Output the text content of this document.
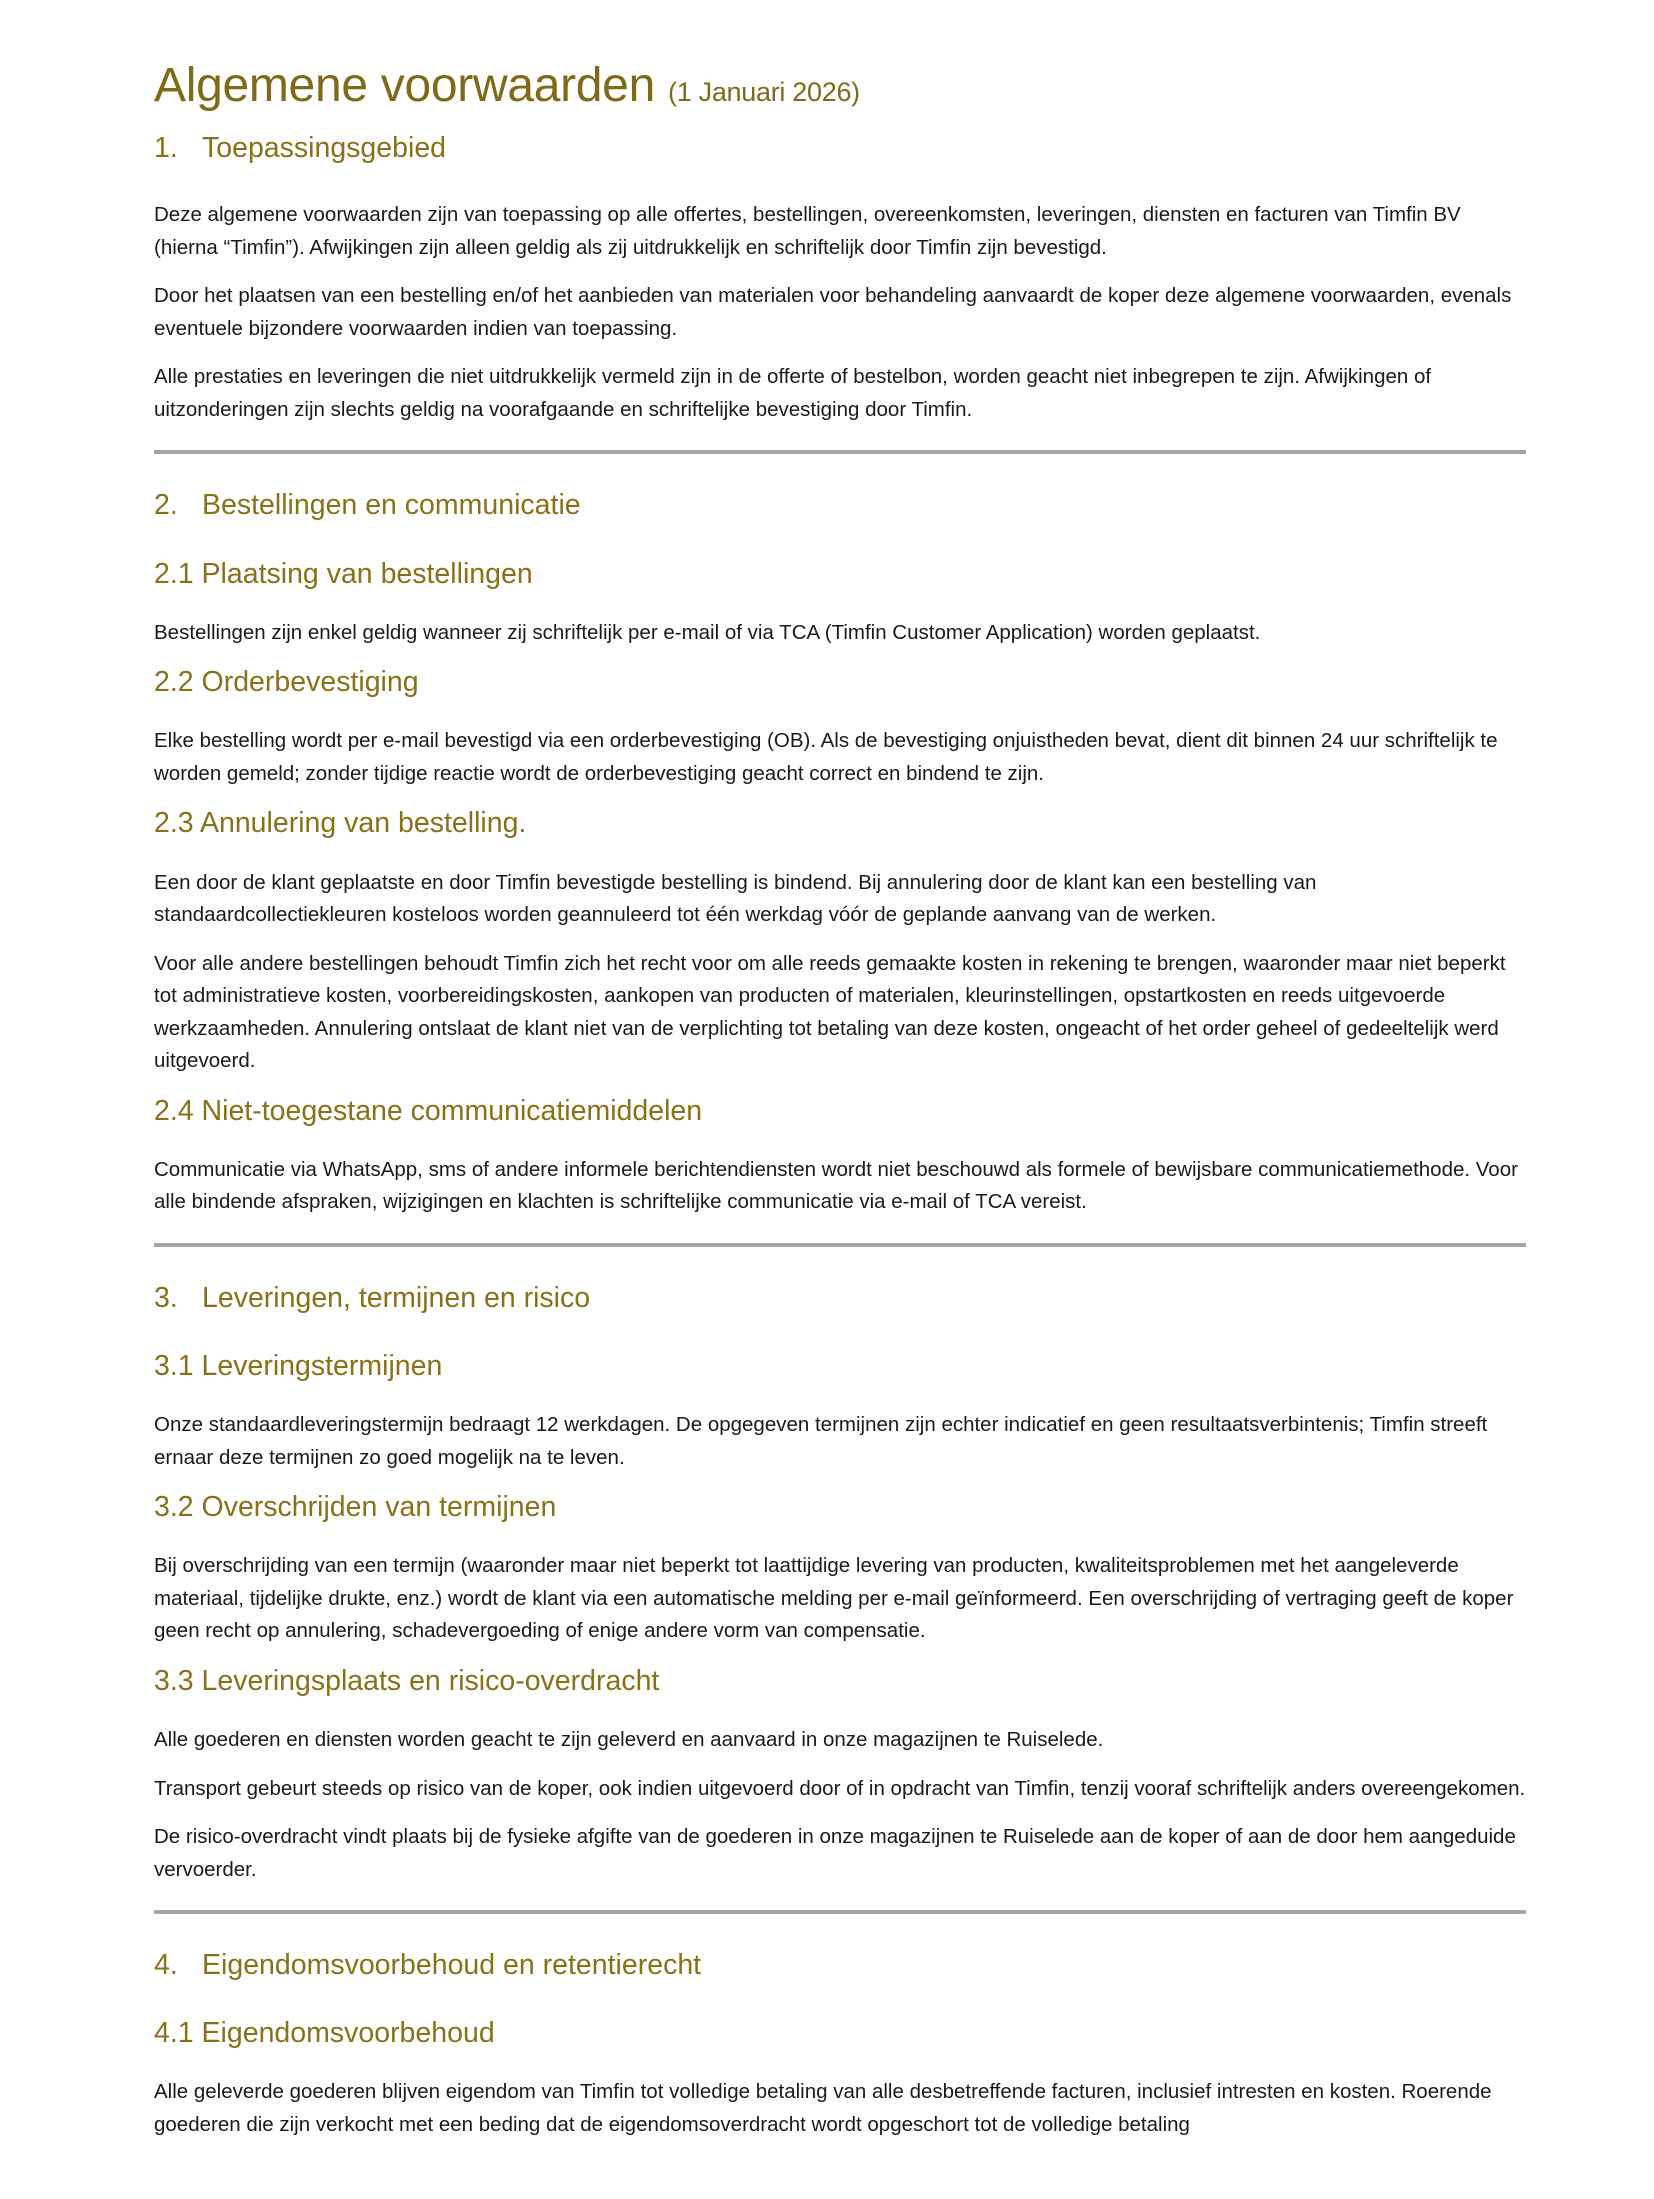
Algemene voorwaarden (1 Januari 2026)
1. Toepassingsgebied

Deze algemene voorwaarden zijn van toepassing op alle offertes, bestellingen, overeenkomsten, leveringen, diensten en facturen van Timfin BV (hierna “Timfin”). Afwijkingen zijn alleen geldig als zij uitdrukkelijk en schriftelijk door Timfin zijn bevestigd.

Door het plaatsen van een bestelling en/of het aanbieden van materialen voor behandeling aanvaardt de koper deze algemene voorwaarden, evenals eventuele bijzondere voorwaarden indien van toepassing.

Alle prestaties en leveringen die niet uitdrukkelijk vermeld zijn in de offerte of bestelbon, worden geacht niet inbegrepen te zijn. Afwijkingen of uitzonderingen zijn slechts geldig na voorafgaande en schriftelijke bevestiging door Timfin.

2. Bestellingen en communicatie
2.1 Plaatsing van bestellingen

Bestellingen zijn enkel geldig wanneer zij schriftelijk per e-mail of via TCA (Timfin Customer Application) worden geplaatst.

2.2 Orderbevestiging

Elke bestelling wordt per e-mail bevestigd via een orderbevestiging (OB). Als de bevestiging onjuistheden bevat, dient dit binnen 24 uur schriftelijk te worden gemeld; zonder tijdige reactie wordt de orderbevestiging geacht correct en bindend te zijn.

2.3 Annulering van bestelling.

Een door de klant geplaatste en door Timfin bevestigde bestelling is bindend. Bij annulering door de klant kan een bestelling van standaardcollectiekleuren kosteloos worden geannuleerd tot één werkdag vóór de geplande aanvang van de werken.

Voor alle andere bestellingen behoudt Timfin zich het recht voor om alle reeds gemaakte kosten in rekening te brengen, waaronder maar niet beperkt tot administratieve kosten, voorbereidingskosten, aankopen van producten of materialen, kleurinstellingen, opstartkosten en reeds uitgevoerde werkzaamheden. Annulering ontslaat de klant niet van de verplichting tot betaling van deze kosten, ongeacht of het order geheel of gedeeltelijk werd uitgevoerd.

2.4 Niet-toegestane communicatiemiddelen

Communicatie via WhatsApp, sms of andere informele berichtendiensten wordt niet beschouwd als formele of bewijsbare communicatiemethode. Voor alle bindende afspraken, wijzigingen en klachten is schriftelijke communicatie via e-mail of TCA vereist.

3. Leveringen, termijnen en risico
3.1 Leveringstermijnen

Onze standaardleveringstermijn bedraagt 12 werkdagen. De opgegeven termijnen zijn echter indicatief en geen resultaatsverbintenis; Timfin streeft ernaar deze termijnen zo goed mogelijk na te leven.

3.2 Overschrijden van termijnen

Bij overschrijding van een termijn (waaronder maar niet beperkt tot laattijdige levering van producten, kwaliteitsproblemen met het aangeleverde materiaal, tijdelijke drukte, enz.) wordt de klant via een automatische melding per e-mail geïnformeerd. Een overschrijding of vertraging geeft de koper geen recht op annulering, schadevergoeding of enige andere vorm van compensatie.

3.3 Leveringsplaats en risico-overdracht

Alle goederen en diensten worden geacht te zijn geleverd en aanvaard in onze magazijnen te Ruiselede.

Transport gebeurt steeds op risico van de koper, ook indien uitgevoerd door of in opdracht van Timfin, tenzij vooraf schriftelijk anders overeengekomen.

De risico-overdracht vindt plaats bij de fysieke afgifte van de goederen in onze magazijnen te Ruiselede aan de koper of aan de door hem aangeduide vervoerder.

4. Eigendomsvoorbehoud en retentierecht
4.1 Eigendomsvoorbehoud

Alle geleverde goederen blijven eigendom van Timfin tot volledige betaling van alle desbetreffende facturen, inclusief intresten en kosten. Roerende goederen die zijn verkocht met een beding dat de eigendomsoverdracht wordt opgeschort tot de volledige betaling
